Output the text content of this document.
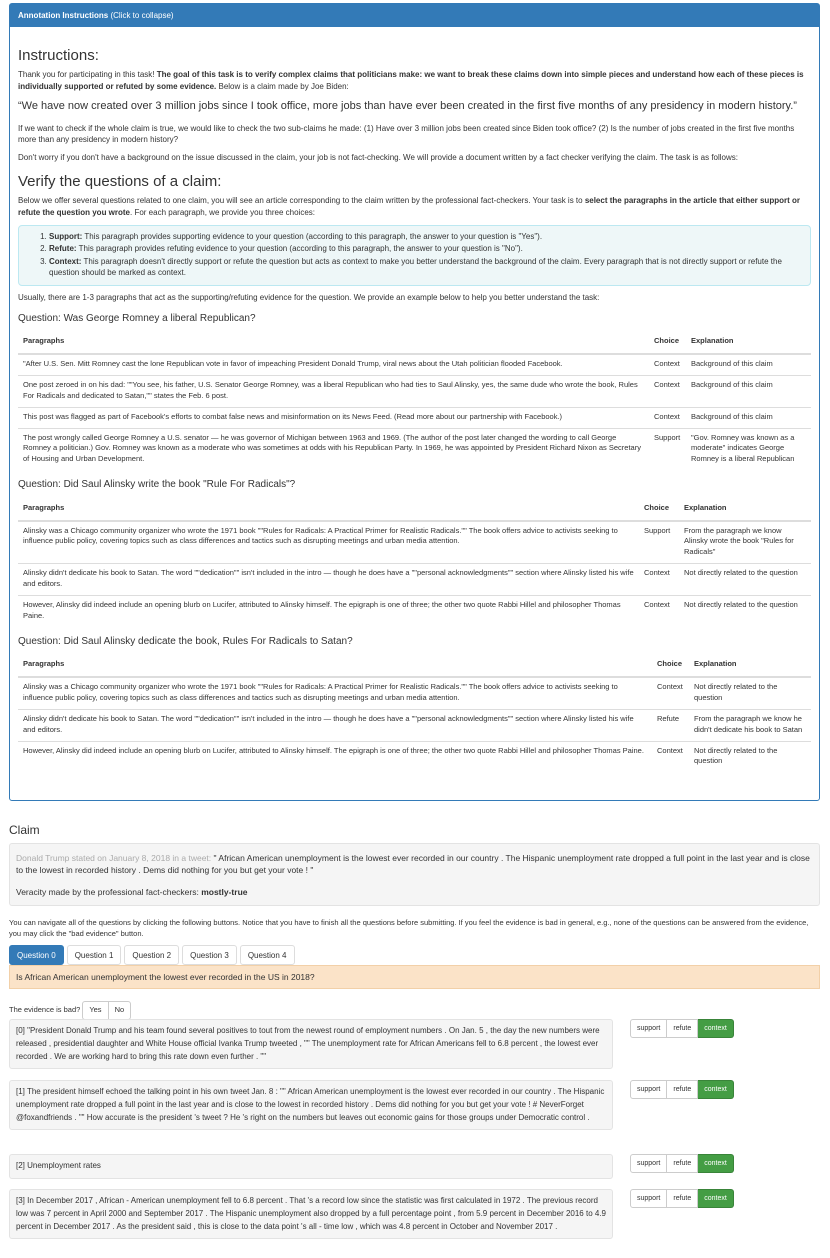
Annotation Instructions (Click to collapse)
Instructions:

Thank you for participating in this task! The goal of this task is to verify complex claims that politicians make: we want to break these claims down into simple pieces and understand how each of these pieces is individually supported or refuted by some evidence. Below is a claim made by Joe Biden:

“We have now created over 3 million jobs since I took office, more jobs than have ever been created in the first five months of any presidency in modern history.”

If we want to check if the whole claim is true, we would like to check the two sub-claims he made: (1) Have over 3 million jobs been created since Biden took office? (2) Is the number of jobs created in the first five months more than any presidency in modern history?

Don't worry if you don't have a background on the issue discussed in the claim, your job is not fact-checking. We will provide a document written by a fact checker verifying the claim. The task is as follows:

Verify the questions of a claim:

Below we offer several questions related to one claim, you will see an article corresponding to the claim written by the professional fact-checkers. Your task is to select the paragraphs in the article that either support or refute the question you wrote. For each paragraph, we provide you three choices:

1. Support: This paragraph provides supporting evidence to your question (according to this paragraph, the answer to your question is "Yes").
2. Refute: This paragraph provides refuting evidence to your question (according to this paragraph, the answer to your question is "No").
3. Context: This paragraph doesn't directly support or refute the question but acts as context to make you better understand the background of the claim. Every paragraph that is not directly support or refute the question should be marked as context.

Usually, there are 1-3 paragraphs that act as the supporting/refuting evidence for the question. We provide an example below to help you better understand the task:

Question: Was George Romney a liberal Republican?
Paragraphs	Choice	Explanation
"After U.S. Sen. Mitt Romney cast the lone Republican vote in favor of impeaching President Donald Trump, viral news about the Utah politician flooded Facebook.	Context	Background of this claim
One post zeroed in on his dad: ""You see, his father, U.S. Senator George Romney, was a liberal Republican who had ties to Saul Alinsky, yes, the same dude who wrote the book, Rules For Radicals and dedicated to Satan,"" states the Feb. 6 post.	Context	Background of this claim
This post was flagged as part of Facebook's efforts to combat false news and misinformation on its News Feed. (Read more about our partnership with Facebook.)	Context	Background of this claim
The post wrongly called George Romney a U.S. senator — he was governor of Michigan between 1963 and 1969. (The author of the post later changed the wording to call George Romney a politician.) Gov. Romney was known as a moderate who was sometimes at odds with his Republican Party. In 1969, he was appointed by President Richard Nixon as Secretary of Housing and Urban Development.	Support	"Gov. Romney was known as a moderate" indicates George Romney is a liberal Republican
Question: Did Saul Alinsky write the book "Rule For Radicals"?
Paragraphs	Choice	Explanation
Alinsky was a Chicago community organizer who wrote the 1971 book ""Rules for Radicals: A Practical Primer for Realistic Radicals."" The book offers advice to activists seeking to influence public policy, covering topics such as class differences and tactics such as disrupting meetings and urban media attention.	Support	From the paragraph we know Alinsky wrote the book "Rules for Radicals"
Alinsky didn't dedicate his book to Satan. The word ""dedication"" isn't included in the intro — though he does have a ""personal acknowledgments"" section where Alinsky listed his wife and editors.	Context	Not directly related to the question
However, Alinsky did indeed include an opening blurb on Lucifer, attributed to Alinsky himself. The epigraph is one of three; the other two quote Rabbi Hillel and philosopher Thomas Paine.	Context	Not directly related to the question
Question: Did Saul Alinsky dedicate the book, Rules For Radicals to Satan?
Paragraphs	Choice	Explanation
Alinsky was a Chicago community organizer who wrote the 1971 book ""Rules for Radicals: A Practical Primer for Realistic Radicals."" The book offers advice to activists seeking to influence public policy, covering topics such as class differences and tactics such as disrupting meetings and urban media attention.	Context	Not directly related to the question
Alinsky didn't dedicate his book to Satan. The word ""dedication"" isn't included in the intro — though he does have a ""personal acknowledgments"" section where Alinsky listed his wife and editors.	Refute	From the paragraph we know he didn't dedicate his book to Satan
However, Alinsky did indeed include an opening blurb on Lucifer, attributed to Alinsky himself. The epigraph is one of three; the other two quote Rabbi Hillel and philosopher Thomas Paine.	Context	Not directly related to the question
Claim
Donald Trump stated on January 8, 2018 in a tweet: " African American unemployment is the lowest ever recorded in our country . The Hispanic unemployment rate dropped a full point in the last year and is close to the lowest in recorded history . Dems did nothing for you but get your vote ! "
Veracity made by the professional fact-checkers: mostly-true
You can navigate all of the questions by clicking the following buttons. Notice that you have to finish all the questions before submitting. If you feel the evidence is bad in general, e.g., none of the questions can be answered from the evidence, you may click the "bad evidence" button.
Question 0	Question 1	Question 2	Question 3	Question 4
Is African American unemployment the lowest ever recorded in the US in 2018?
The evidence is bad?	Yes	No
[0] "President Donald Trump and his team found several positives to tout from the newest round of employment numbers . On Jan. 5 , the day the new numbers were released , presidential daughter and White House official Ivanka Trump tweeted , "" The unemployment rate for African Americans fell to 6.8 percent , the lowest ever recorded . We are working hard to bring this rate down even further . ""
support	refute	context
[1] The president himself echoed the talking point in his own tweet Jan. 8 : "" African American unemployment is the lowest ever recorded in our country . The Hispanic unemployment rate dropped a full point in the last year and is close to the lowest in recorded history . Dems did nothing for you but get your vote ! # NeverForget @foxandfriends . "" How accurate is the president 's tweet ? He 's right on the numbers but leaves out economic gains for those groups under Democratic control .
support	refute	context
[2] Unemployment rates	support	refute	context
[3] In December 2017 , African - American unemployment fell to 6.8 percent . That 's a record low since the statistic was first calculated in 1972 . The previous record low was 7 percent in April 2000 and September 2017 . The Hispanic unemployment also dropped by a full percentage point , from 5.9 percent in December 2016 to 4.9 percent in December 2017 . As the president said , this is close to the data point 's all - time low , which was 4.8 percent in October and November 2017 .
support	refute	context
